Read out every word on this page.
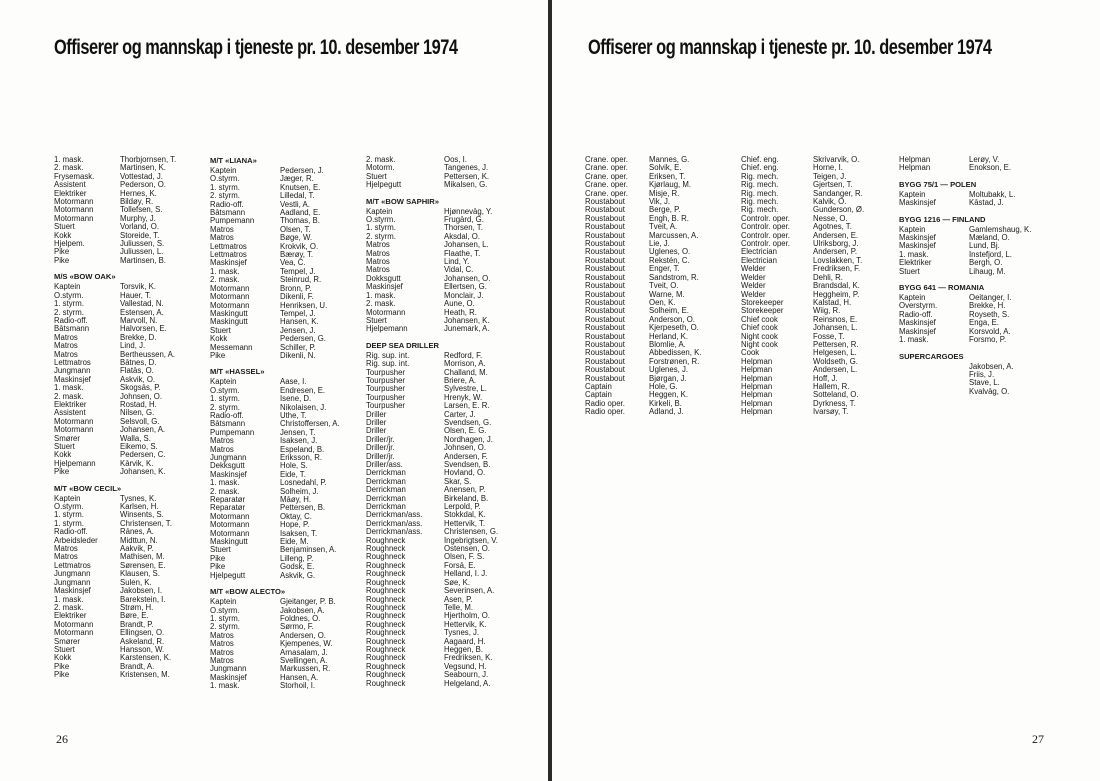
Offiserer og mannskap i tjeneste pr. 10. desember 1974
26
1. mask.	Thorbjornsen, T.
2. mask.	Martinsen, K.
Frysemask.	Vottestad, J.
Assistent	Pederson, O.
Elektriker	Hernes, K.
Motormann	Bildøy, R.
Motormann	Tollefsen, S.
Motormann	Murphy, J.
Stuert	Vorland, O.
Kokk	Storeide, T.
Hjelpem.	Juliussen, S.
Pike	Juliussen, L.
Pike	Martinsen, B.
M/S «BOW OAK»
Kaptein	Torsvik, K.
O.styrm.	Hauer, T.
1. styrm.	Vallestad, N.
2. styrm.	Estensen, A.
Radio-off.	Marvoll, N.
Båtsmann	Halvorsen, E.
Matros	Brekke, D.
Matros	Lind, J.
Matros	Bertheussen, A.
Lettmatros	Båtnes, D.
Jungmann	Flatås, O.
Maskinsjef	Askvik, O.
1. mask.	Skogsås, P.
2. mask.	Johnsen, O.
Elektriker	Rostad, H.
Assistent	Nilsen, G.
Motormann	Selsvoll, G.
Motormann	Johansen, A.
Smører	Walla, S.
Stuert	Eikemo, S.
Kokk	Pedersen, C.
Hjelpemann	Kårvik, K.
Pike	Johansen, K.
M/T «BOW CECIL»
Kaptein	Tysnes, K.
O.styrm.	Karlsen, H.
1. styrm.	Winsents, S.
1. styrm.	Christensen, T.
Radio-off.	Rånes, A.
Arbeidsleder	Midttun, N.
Matros	Aakvik, P.
Matros	Mathisen, M.
Lettmatros	Sørensen, E.
Jungmann	Klausen, S.
Jungmann	Sulen, K.
Maskinsjef	Jakobsen, I.
1. mask.	Barekstein, I.
2. mask.	Strøm, H.
Elektriker	Børe, E.
Motormann	Brandt, P.
Motormann	Ellingsen, O.
Smører	Askeland, R.
Stuert	Hansson, W.
Kokk	Karstensen, K.
Pike	Brandt, A.
Pike	Kristensen, M.
M/T «LIANA»
Kaptein	Pedersen, J.
O.styrm.	Jæger, R.
1. styrm.	Knutsen, E.
2. styrm.	Lilledal, T.
Radio-off.	Vestli, A.
Båtsmann	Aadland, E.
Pumpemann	Thomas, B.
Matros	Olsen, T.
Matros	Bøge, W.
Lettmatros	Krokvik, O.
Lettmatros	Bærøy, T.
Maskinsjef	Vea, C.
1. mask.	Tempel, J.
2. mask.	Steinrud, R.
Motormann	Bronn, P.
Motormann	Dikenli, F.
Motormann	Henriksen, U.
Maskingutt	Tempel, J.
Maskingutt	Hansen, K.
Stuert	Jensen, J.
Kokk	Pedersen, G.
Messemann	Schiller, P.
Pike	Dikenli, N.
M/T «HASSEL»
Kaptein	Aase, I.
O.styrm.	Endresen, E.
1. styrm.	Isene, D.
2. styrm.	Nikolaisen, J.
Radio-off.	Uthe, T.
Båtsmann	Christoffersen, A.
Pumpemann	Jensen, T.
Matros	Isaksen, J.
Matros	Espeland, B.
Jungmann	Eriksson, R.
Dekksgutt	Hole, S.
Maskinsjef	Eide, T.
1. mask.	Losnedahl, P.
2. mask.	Solheim, J.
Reparatør	Måøy, H.
Reparatør	Pettersen, B.
Motormann	Oktay, C.
Motormann	Hope, P.
Motormann	Isaksen, T.
Maskingutt	Eide, M.
Stuert	Benjaminsen, A.
Pike	Lilleng, P.
Pike	Godsk, E.
Hjelpegutt	Askvik, G.
M/T «BOW ALECTO»
Kaptein	Gjeitanger, P. B.
O.styrm.	Jakobsen, A.
1. styrm.	Foldnes, O.
2. styrm.	Sørmo, F.
Matros	Andersen, O.
Matros	Kjempenes, W.
Matros	Arnasalam, J.
Matros	Svellingen, A.
Jungmann	Markussen, R.
Maskinsjef	Hansen, A.
1. mask.	Storhoil, I.
2. mask.	Oos, I.
Motorm.	Tangenes, J.
Stuert	Pettersen, K.
Hjelpegutt	Mikalsen, G.
M/T «BOW SAPHIR»
Kaptein	Hjønnevåg, Y.
O.styrm.	Frugård, G.
1. styrm.	Thorsen, T.
2. styrm.	Aksdal, O.
Matros	Johansen, L.
Matros	Flaathe, T.
Matros	Lind, Y.
Matros	Vidal, C.
Dokksgutt	Johansen, O.
Maskinsjef	Ellertsen, G.
1. mask.	Monclair, J.
2. mask.	Aune, O.
Motormann	Heath, R.
Stuert	Johansen, K.
Hjelpemann	Junemark, A.
DEEP SEA DRILLER
Rig. sup. int.	Redford, F.
Rig. sup. int.	Morrison, A.
Tourpusher	Challand, M.
Tourpusher	Briere, A.
Tourpusher	Sylvestre, L.
Tourpusher	Hrenyk, W.
Tourpusher	Larsen, E. R.
Driller	Carter, J.
Driller	Svendsen, G.
Driller	Olsen, E. G.
Driller/jr.	Nordhagen, J.
Driller/jr.	Johnsen, O.
Driller/jr.	Andersen, F.
Driller/ass.	Svendsen, B.
Derrickman	Hovland, O.
Derrickman	Skar, S.
Derrickman	Anensen, P.
Derrickman	Birkeland, B.
Derrickman	Lerpold, P.
Derrickman/ass.	Stokkdal, K.
Derrickman/ass.	Hettervik, T.
Derrickman/ass.	Christensen, G.
Roughneck	Ingebrigtsen, V.
Roughneck	Ostensen, O.
Roughneck	Olsen, F. S.
Roughneck	Forså, E.
Roughneck	Helland, I. J.
Roughneck	Søe, K.
Roughneck	Severinsen, A.
Roughneck	Asen, P.
Roughneck	Telle, M.
Roughneck	Hjertholm, O.
Roughneck	Hettervik, K.
Roughneck	Tysnes, J.
Roughneck	Aagaard, H.
Roughneck	Heggen, B.
Roughneck	Fredriksen, K.
Roughneck	Vegsund, H.
Roughneck	Seabourn, J.
Roughneck	Helgeland, A.
Offiserer og mannskap i tjeneste pr. 10. desember 1974
27
Crane. oper.	Mannes, G.
Crane. oper.	Solvik, E.
Crane. oper.	Eriksen, T.
Crane. oper.	Kjørlaug, M.
Crane. oper.	Misje, R.
Roustabout	Vik, J.
Roustabout	Berge, P.
Roustabout	Engh, B. R.
Roustabout	Tveit, A.
Roustabout	Marcussen, A.
Roustabout	Lie, J.
Roustabout	Uglenes, O.
Roustabout	Rekstén, C.
Roustabout	Enger, T.
Roustabout	Sandstrom, R.
Roustabout	Tveit, O.
Roustabout	Warne, M.
Roustabout	Oen, K.
Roustabout	Solheim, E.
Roustabout	Anderson, O.
Roustabout	Kjerpeseth, O.
Roustabout	Herland, K.
Roustabout	Blomlie, A.
Roustabout	Abbedissen, K.
Roustabout	Forstrønen, R.
Roustabout	Uglenes, J.
Roustabout	Bjørgan, J.
Captain	Hole, G.
Captain	Heggen, K.
Radio oper.	Kirkeli, B.
Radio oper.	Adland, J.
Chief. eng.	Skrivarvik, O.
Chief. eng.	Horne, I.
Rig. mech.	Teigen, J.
Rig. mech.	Gjertsen, T.
Rig. mech.	Sandanger, R.
Rig. mech.	Kalvik, O.
Rig. mech.	Gunderson, Ø.
Controlr. oper.	Nesse, O.
Controlr. oper.	Agotnes, T.
Controlr. oper.	Andersen, E.
Controlr. oper.	Ulriksborg, J.
Electrician	Andersen, P.
Electrician	Lovslakken, T.
Welder	Fredriksen, F.
Welder	Dehli, R.
Welder	Brandsdal, K.
Welder	Heggheim, P.
Storekeeper	Kalstad, H.
Storekeeper	Wiig, R.
Chief cook	Reinsnos, E.
Chief cook	Johansen, L.
Night cook	Fosse, T.
Night cook	Pettersen, R.
Cook	Helgesen, L.
Helpman	Woldseth, G.
Helpman	Andersen, L.
Helpman	Hoff, J.
Helpman	Hallem, R.
Helpman	Sotteland, O.
Helpman	Dyrkness, T.
Helpman	Ivarsøy, T.
Helpman	Lerøy, V.
Helpman	Enokson, E.
BYGG 75/1 — POLEN
Kaptein	Moltubakk, L.
Maskinsjef	Kåstad, J.
BYGG 1216 — FINLAND
Kaptein	Gamlemshaug, K.
Maskinsjef	Mæland, O.
Maskinsjef	Lund, Bj.
1. mask.	Instefjord, L.
Elektriker	Bergh, O.
Stuert	Lihaug, M.
BYGG 641 — ROMANIA
Kaptein	Oeitanger, I.
Overstyrm.	Brekke, H.
Radio-off.	Royseth, S.
Maskinsjef	Enga, E.
Maskinsjef	Korsvold, A.
1. mask.	Forsmo, P.
SUPERCARGOES
Jakobsen, A.
Friis, J.
Stave, L.
Kvalvåg, O.
